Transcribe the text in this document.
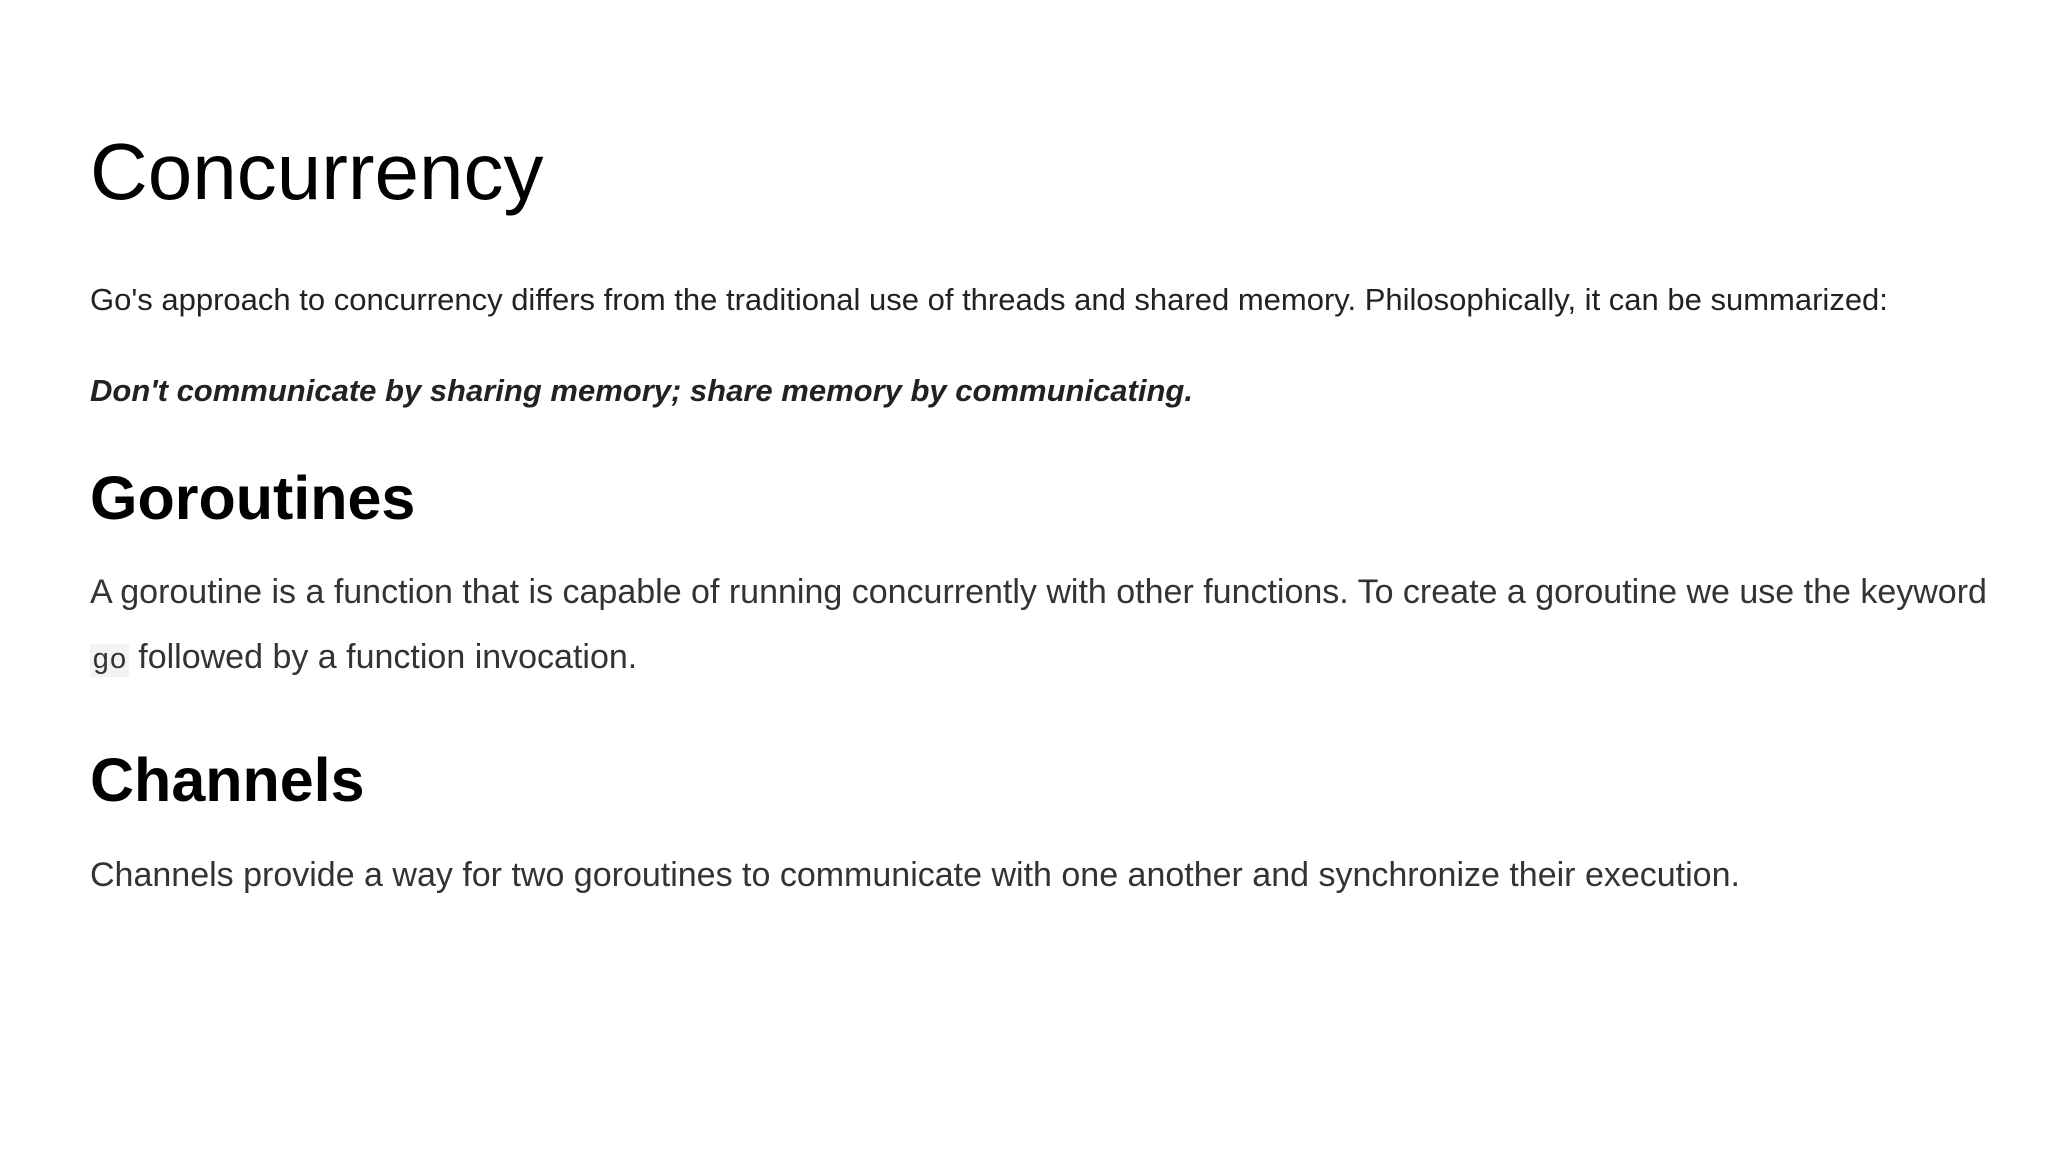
Concurrency

Go's approach to concurrency differs from the traditional use of threads and shared memory. Philosophically, it can be summarized:

Don't communicate by sharing memory; share memory by communicating.

Goroutines

A goroutine is a function that is capable of running concurrently with other functions. To create a goroutine we use the keyword
go followed by a function invocation.

Channels

Channels provide a way for two goroutines to communicate with one another and synchronize their execution.
